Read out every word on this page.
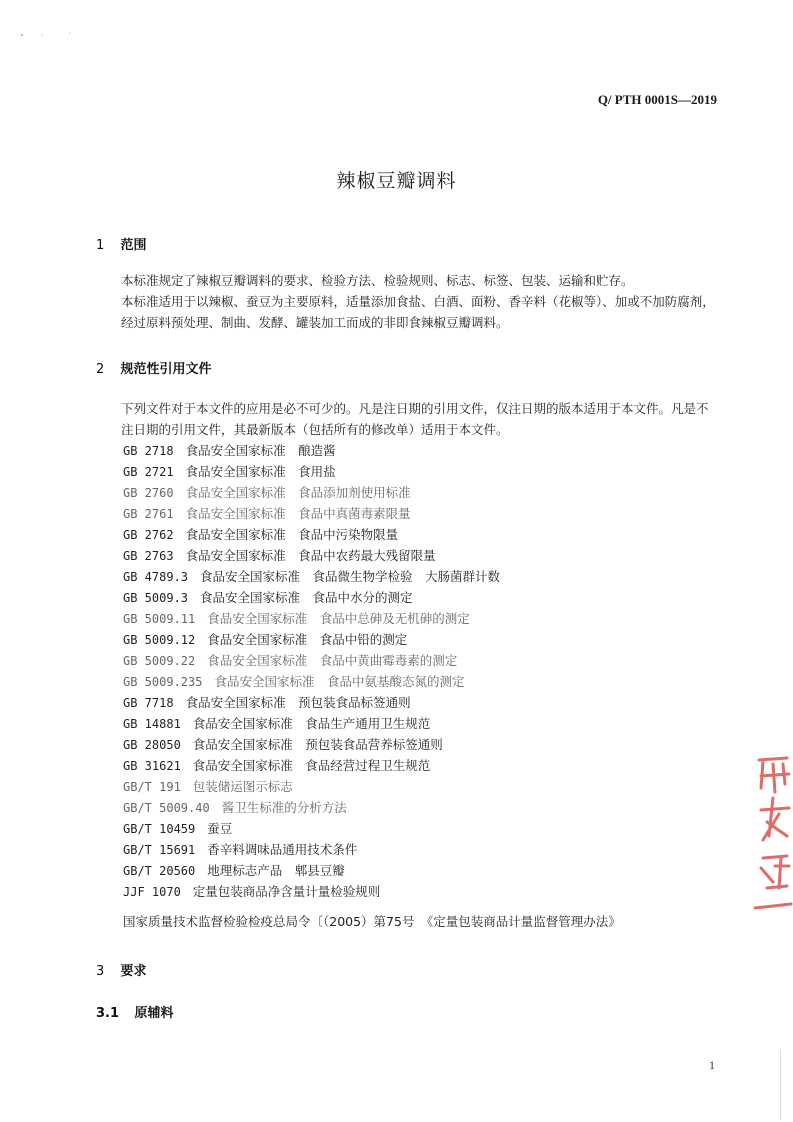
Q/ PTH 0001S—2019
辣椒豆瓣调料
1 范围
本标准规定了辣椒豆瓣调料的要求、检验方法、检验规则、标志、标签、包装、运输和贮存。
本标准适用于以辣椒、蚕豆为主要原料，适量添加食盐、白酒、面粉、香辛料（花椒等）、加或不加防腐剂，经过原料预处理、制曲、发酵、罐装加工而成的非即食辣椒豆瓣调料。
2 规范性引用文件
下列文件对于本文件的应用是必不可少的。凡是注日期的引用文件，仅注日期的版本适用于本文件。凡是不注日期的引用文件，其最新版本（包括所有的修改单）适用于本文件。
GB 2718 食品安全国家标准　酿造酱
GB 2721 食品安全国家标准　食用盐
GB 2760 食品安全国家标准　食品添加剂使用标准
GB 2761 食品安全国家标准　食品中真菌毒素限量
GB 2762 食品安全国家标准　食品中污染物限量
GB 2763 食品安全国家标准　食品中农药最大残留限量
GB 4789.3 食品安全国家标准　食品微生物学检验　大肠菌群计数
GB 5009.3 食品安全国家标准　食品中水分的测定
GB 5009.11 食品安全国家标准　食品中总砷及无机砷的测定
GB 5009.12 食品安全国家标准　食品中铅的测定
GB 5009.22 食品安全国家标准　食品中黄曲霉毒素的测定
GB 5009.235 食品安全国家标准　食品中氨基酸态氮的测定
GB 7718 食品安全国家标准　预包装食品标签通则
GB 14881 食品安全国家标准　食品生产通用卫生规范
GB 28050 食品安全国家标准　预包装食品营养标签通则
GB 31621 食品安全国家标准　食品经营过程卫生规范
GB/T 191 包装储运图示标志
GB/T 5009.40 酱卫生标准的分析方法
GB/T 10459 蚕豆
GB/T 15691 香辛料调味品通用技术条件
GB/T 20560 地理标志产品　郫县豆瓣
JJF 1070 定量包装商品净含量计量检验规则
国家质量技术监督检验检疫总局令〔（2005）第75号　《定量包装商品计量监督管理办法》
3 要求
3.1 原辅料
1
